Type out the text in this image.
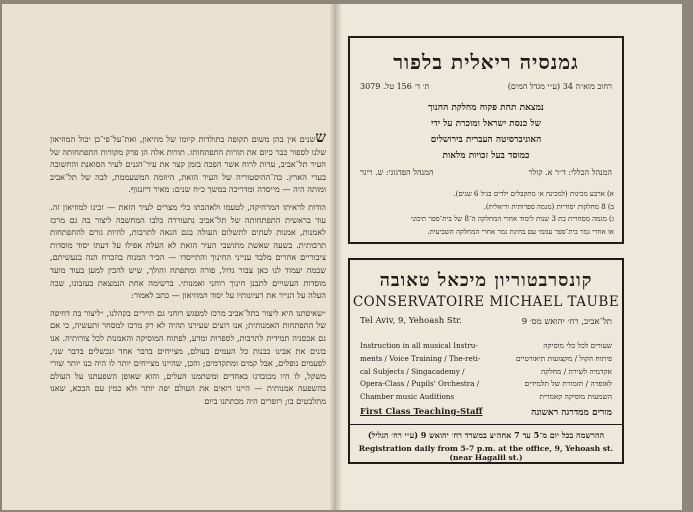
ששנים אין בהן משום תקופה בתולדות קיומו של מוזיאון, ואת־על־פי־כן יכול המוזיאון שלנו לספור כבר כיום את תורות התפתחותו. תורות אלה הן פרק מקורות התפתחותה של העיר תל־אביב, עדות לרוח אשר הפכה בזמן קצר את עיר־הגנים לעיר הסואנת והחשובה בערי הארץ. בה־ההיסטוריה של העיר הזאת, היוזמה המשעממת, לבה של תל־אביב ומותה היה — מייסדה ומדריכה במשך כ״ח שנים: מאיר דיזנגוף.

הודות לראיתו המרחיקה, לטעמו ולאהבתו כלי מצרים לעיר הזאת — זכינו למוזיאון זה. עוד בראשית התפתחותה של תל־אביב נתעוררה בלבו המחשבה ליצור בה גם מרכז לאמנות, אמנות לעתים לתשלום העולה בגם הנאה לתרבות, להיות גורם להתפתחות תרבותית. בשעה שאשת מתושבי העיר הזאת לא העלה אפילו על דעתו יסוד מוסדות ציבוריים אחרים מלבד ענייני החינוך והתייסדו — הכיר המנוח בהכרח הנה בנעשיתם, שבמה יעמוד לנו כאן צבור גדול, פורה ומתפתח והולך, שיש להכין למען בעוד מועד מוסדות העשויים לתבנן חינוך רוחני ואמנותי. ברשימה אחת הנמצאת בעזבונו, שבה העלה על הנייר את רעיונותיו על יסוד המוזיאון — כתב לאמור:

״שאיפתנו היא ליצור בתל־אביב מרכז למפגש רוחני גם תיירים בקהלנו, ״ליצור בה דחיפה של התפתחות האמנותית; אנו רוצים שעירנו תהיה לא רק מרכז למסחר ותעשיה, כי אם גם אכסניה תמידית לתרבות, לספרות ומדע, לפתוח המוסיקה והאמנות לכל צורותיה. אנו בונים את אבינו כבנות כל העמים בעולם, מצייחים בדבר אחד ונכשלים בדבר שני, לפעמים נופלים, אבל קמים ומתקדמים; והכן, שהיינו מצייחים יותר לו היה כנו יותר שורי משקל, לו היו מכובדנו באחדים ומשתמנו העלים, והוא שאופן השפעתנו על העולם בהשפעה אמנותית — היינו רואים את העולם יפה יותר ולא כמין עם הבכא, שאנו מתלבטים בו; רופרים היה מכתתנו ביום

גמנסיה ריאלית בלפור
רחוב מזא״ה 34 (ע״י מגדל המים)
ת׳ ד׳ 156 טל. 3079
נמצאת תחת פקוח מחלקת החנוך
של כנסת ישראל ומוכרת על ידי
האוניברסיטה העברית בירושלים
כמוסד בעל זכויות מלאות
המנהל הכללי: ד״ר א. קולר
המנהל הפדגוגי: ש. ריגר
א) ארבע מכינות (למכינה א׳ מתקבלים ילדים בגיל 6 שנים).
ב) 8 מחלקות יסודיות (מגמה ספרותית וריאלית).
ג) מגמה מסחרית בת 3 שנות לימוד אחרי המחלקה ה־8 של בית־ספר תיכוני
או אחרי גמר בית־ספר עממי עם בחינת גמר אחרי המחלקה השביעית.
קונסרבטוריון מיכאל טאובה
CONSERVATOIRE MICHAEL TAUBE
Tel Aviv, 9, Yehoash Str.	תל־אביב, רח׳ יהואש מס׳ 9
Instruction in all musical Instru-
ments / Voice Training / The-reti-
cal Subjects / Singacademy /
Opera-Class / Pupils' Orchestra /
Chamber music Auditions
שעורים לכל כלי מוסיקה
פיתוח הקול / מקצועות תיאורטיים
אקדמיה לשירה / מחלקה
לאופרה / תזמורת של תלמידים
השמעות מוסיקה קאמרית
First Class Teaching-Staff	מורים ממדרגה ראשונה
ההרשמה בכל יום מ־5 עד 7 אחה״צ במשרד רח׳ יהואש 9 (ע״י רח׳ הגליל)
Registration daily from 5-7 p.m. at the office, 9, Yehoash st. (near Hagalil st.)
